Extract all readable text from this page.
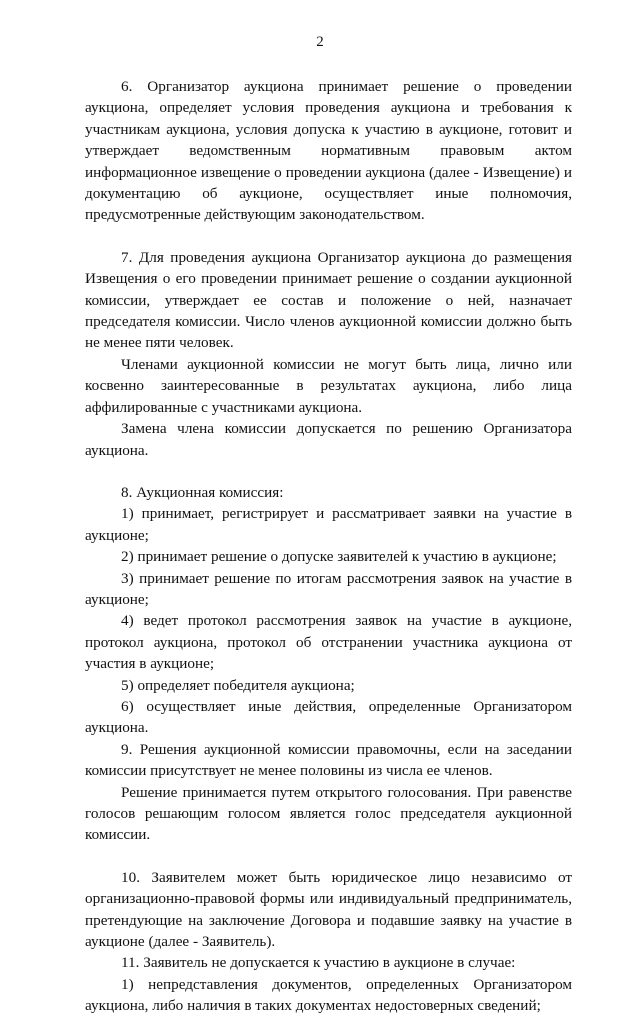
2

6. Организатор аукциона принимает решение о проведении аукциона, определяет условия проведения аукциона и требования к участникам аукциона, условия допуска к участию в аукционе, готовит и утверждает ведомственным нормативным правовым актом информационное извещение о проведении аукциона (далее - Извещение) и документацию об аукционе, осуществляет иные полномочия, предусмотренные действующим законодательством.

7. Для проведения аукциона Организатор аукциона до размещения Извещения о его проведении принимает решение о создании аукционной комиссии, утверждает ее состав и положение о ней, назначает председателя комиссии. Число членов аукционной комиссии должно быть не менее пяти человек.

Членами аукционной комиссии не могут быть лица, лично или косвенно заинтересованные в результатах аукциона, либо лица аффилированные с участниками аукциона.

Замена члена комиссии допускается по решению Организатора аукциона.

8. Аукционная комиссия:

1) принимает, регистрирует и рассматривает заявки на участие в аукционе;

2) принимает решение о допуске заявителей к участию в аукционе;

3) принимает решение по итогам рассмотрения заявок на участие в аукционе;

4) ведет протокол рассмотрения заявок на участие в аукционе, протокол аукциона, протокол об отстранении участника аукциона от участия в аукционе;

5) определяет победителя аукциона;

6) осуществляет иные действия, определенные Организатором аукциона.

9. Решения аукционной комиссии правомочны, если на заседании комиссии присутствует не менее половины из числа ее членов.

Решение принимается путем открытого голосования. При равенстве голосов решающим голосом является голос председателя аукционной комиссии.

10. Заявителем может быть юридическое лицо независимо от организационно-правовой формы или индивидуальный предприниматель, претендующие на заключение Договора и подавшие заявку на участие в аукционе (далее - Заявитель).

11. Заявитель не допускается к участию в аукционе в случае:

1) непредставления документов, определенных Организатором аукциона, либо наличия в таких документах недостоверных сведений;
